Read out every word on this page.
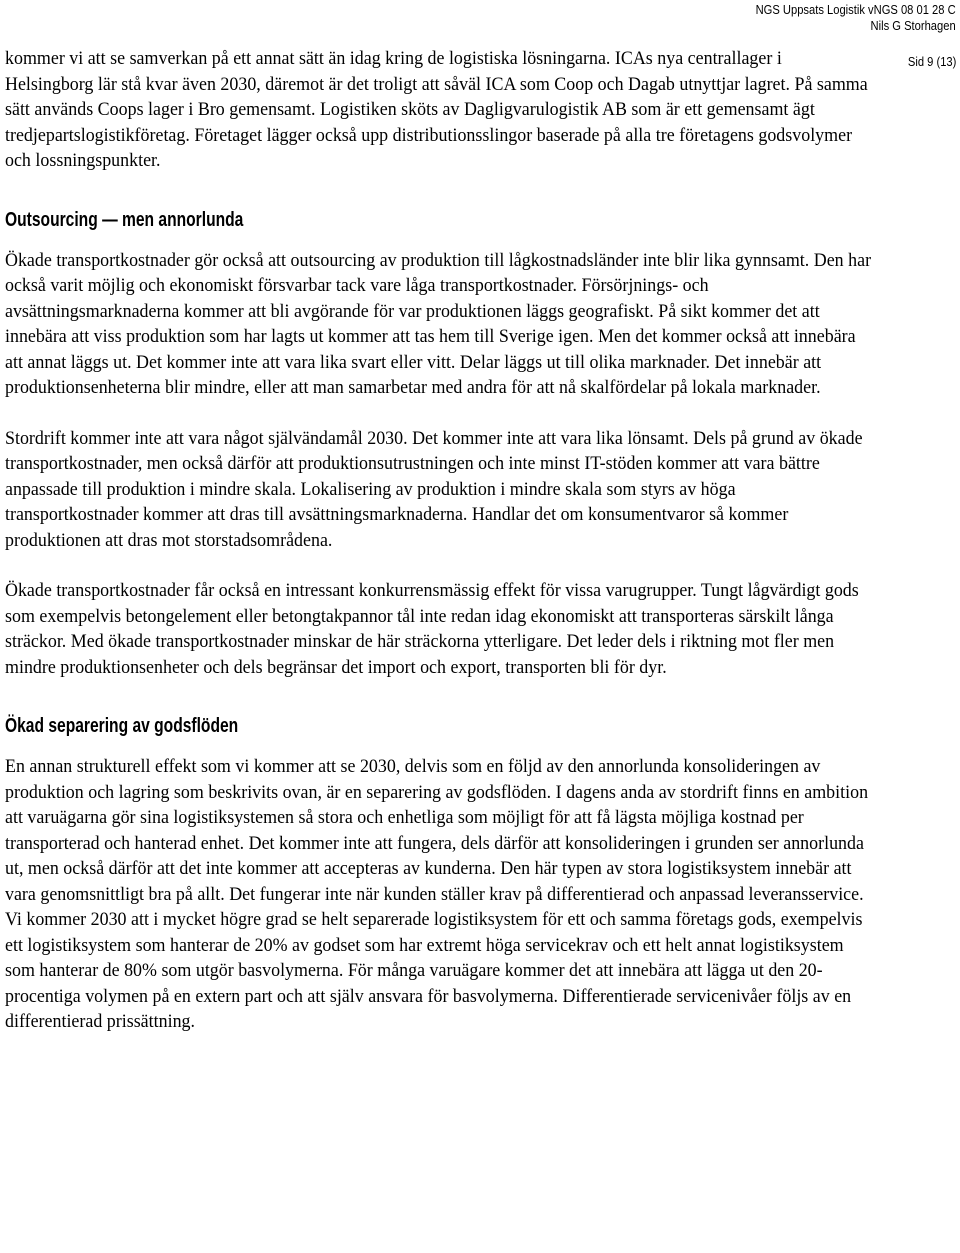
NGS Uppsats Logistik vNGS 08 01 28 C
Nils G Storhagen
Sid 9 (13)

kommer vi att se samverkan på ett annat sätt än idag kring de logistiska lösningarna. ICAs nya centrallager i Helsingborg lär stå kvar även 2030, däremot är det troligt att såväl ICA som Coop och Dagab utnyttjar lagret. På samma sätt används Coops lager i Bro gemensamt. Logistiken sköts av Dagligvarulogistik AB som är ett gemensamt ägt tredjepartslogistikföretag. Företaget lägger också upp distributionsslingor baserade på alla tre företagens godsvolymer och lossningspunkter.

Outsourcing — men annorlunda

Ökade transportkostnader gör också att outsourcing av produktion till lågkostnadsländer inte blir lika gynnsamt. Den har också varit möjlig och ekonomiskt försvarbar tack vare låga transportkostnader. Försörjnings- och avsättningsmarknaderna kommer att bli avgörande för var produktionen läggs geografiskt. På sikt kommer det att innebära att viss produktion som har lagts ut kommer att tas hem till Sverige igen. Men det kommer också att innebära att annat läggs ut. Det kommer inte att vara lika svart eller vitt. Delar läggs ut till olika marknader. Det innebär att produktionsenheterna blir mindre, eller att man samarbetar med andra för att nå skalfördelar på lokala marknader.

Stordrift kommer inte att vara något självändamål 2030. Det kommer inte att vara lika lönsamt. Dels på grund av ökade transportkostnader, men också därför att produktionsutrustningen och inte minst IT-stöden kommer att vara bättre anpassade till produktion i mindre skala. Lokalisering av produktion i mindre skala som styrs av höga transportkostnader kommer att dras till avsättningsmarknaderna. Handlar det om konsumentvaror så kommer produktionen att dras mot storstadsområdena.

Ökade transportkostnader får också en intressant konkurrensmässig effekt för vissa varugrupper. Tungt lågvärdigt gods som exempelvis betongelement eller betongtakpannor tål inte redan idag ekonomiskt att transporteras särskilt långa sträckor. Med ökade transportkostnader minskar de här sträckorna ytterligare. Det leder dels i riktning mot fler men mindre produktionsenheter och dels begränsar det import och export, transporten bli för dyr.

Ökad separering av godsflöden

En annan strukturell effekt som vi kommer att se 2030, delvis som en följd av den annorlunda konsolideringen av produktion och lagring som beskrivits ovan, är en separering av godsflöden. I dagens anda av stordrift finns en ambition att varuägarna gör sina logistiksystemen så stora och enhetliga som möjligt för att få lägsta möjliga kostnad per transporterad och hanterad enhet. Det kommer inte att fungera, dels därför att konsolideringen i grunden ser annorlunda ut, men också därför att det inte kommer att accepteras av kunderna. Den här typen av stora logistiksystem innebär att vara genomsnittligt bra på allt. Det fungerar inte när kunden ställer krav på differentierad och anpassad leveransservice. Vi kommer 2030 att i mycket högre grad se helt separerade logistiksystem för ett och samma företags gods, exempelvis ett logistiksystem som hanterar de 20% av godset som har extremt höga servicekrav och ett helt annat logistiksystem som hanterar de 80% som utgör basvolymerna. För många varuägare kommer det att innebära att lägga ut den 20-procentiga volymen på en extern part och att själv ansvara för basvolymerna. Differentierade servicenivåer följs av en differentierad prissättning.
